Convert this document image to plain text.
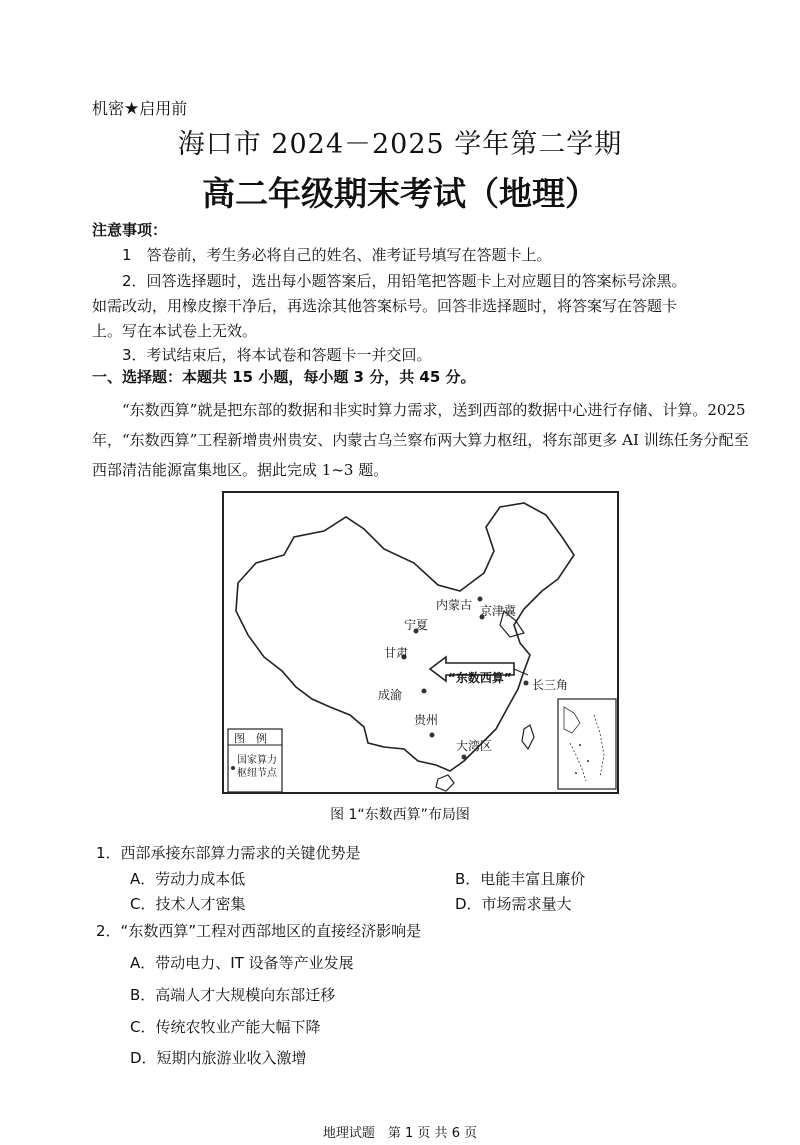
机密★启用前
海口市 2024－2025 学年第二学期
高二年级期末考试（地理）
注意事项：
1　答卷前，考生务必将自己的姓名、准考证号填写在答题卡上。
2．回答选择题时，选出每小题答案后，用铅笔把答题卡上对应题目的答案标号涂黑。
如需改动，用橡皮擦干净后，再选涂其他答案标号。回答非选择题时，将答案写在答题卡
上。写在本试卷上无效。
3．考试结束后，将本试卷和答题卡一并交回。
一、选择题：本题共 15 小题，每小题 3 分，共 45 分。
“东数西算”就是把东部的数据和非实时算力需求，送到西部的数据中心进行存储、计算。2025 年，“东数西算”工程新增贵州贵安、内蒙古乌兰察布两大算力枢纽，将东部更多 AI 训练任务分配至西部清洁能源富集地区。据此完成 1~3 题。
内蒙古 京津冀
宁夏
甘肃
成渝
贵州
大湾区
长三角
“东数西算”
图　例
国家算力
枢纽节点
图 1“东数西算”布局图
1．西部承接东部算力需求的关键优势是
A．劳动力成本低	B．电能丰富且廉价
C．技术人才密集	D．市场需求量大
2．“东数西算”工程对西部地区的直接经济影响是
A．带动电力、IT 设备等产业发展
B．高端人才大规模向东部迁移
C．传统农牧业产能大幅下降
D．短期内旅游业收入激增
地理试题　第 1 页 共 6 页
